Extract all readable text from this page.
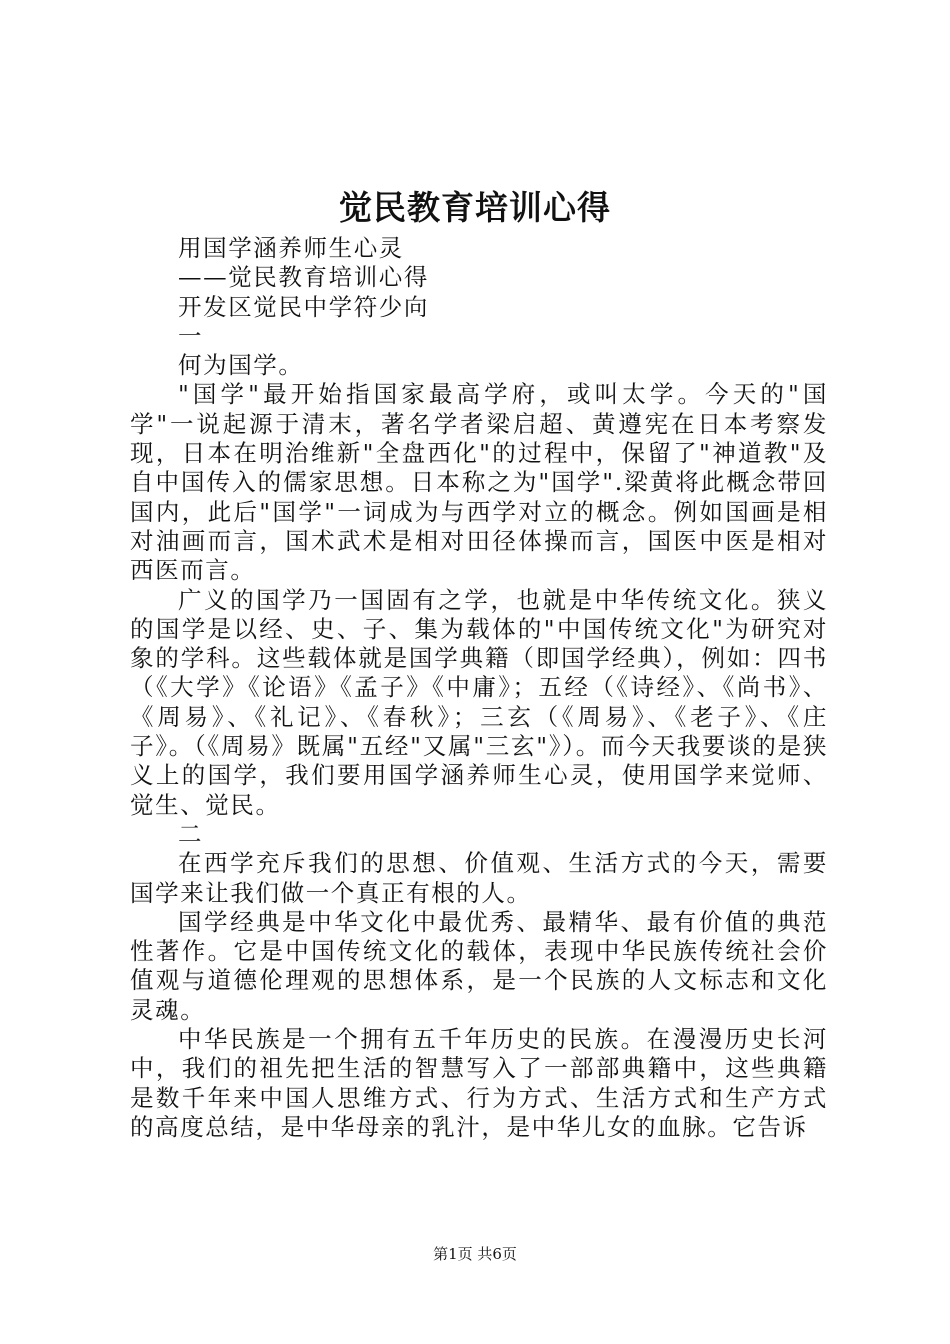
觉民教育培训心得

用国学涵养师生心灵

——觉民教育培训心得

开发区觉民中学符少向

一

何为国学。

"国学"最开始指国家最高学府，或叫太学。今天的"国学"一说起源于清末，著名学者梁启超、黄遵宪在日本考察发现，日本在明治维新"全盘西化"的过程中，保留了"神道教"及自中国传入的儒家思想。日本称之为"国学".梁黄将此概念带回国内，此后"国学"一词成为与西学对立的概念。例如国画是相对油画而言，国术武术是相对田径体操而言，国医中医是相对西医而言。

广义的国学乃一国固有之学，也就是中华传统文化。狭义的国学是以经、史、子、集为载体的"中国传统文化"为研究对象的学科。这些载体就是国学典籍（即国学经典），例如：四书（《大学》《论语》《孟子》《中庸》；五经（《诗经》、《尚书》、《周易》、《礼记》、《春秋》；三玄（《周易》、《老子》、《庄子》。（《周易》既属"五经"又属"三玄"》）。而今天我要谈的是狭义上的国学，我们要用国学涵养师生心灵，使用国学来觉师、觉生、觉民。

二

在西学充斥我们的思想、价值观、生活方式的今天，需要国学来让我们做一个真正有根的人。

国学经典是中华文化中最优秀、最精华、最有价值的典范性著作。它是中国传统文化的载体，表现中华民族传统社会价值观与道德伦理观的思想体系，是一个民族的人文标志和文化灵魂。

中华民族是一个拥有五千年历史的民族。在漫漫历史长河中，我们的祖先把生活的智慧写入了一部部典籍中，这些典籍是数千年来中国人思维方式、行为方式、生活方式和生产方式的高度总结，是中华母亲的乳汁，是中华儿女的血脉。它告诉

第1页 共6页
